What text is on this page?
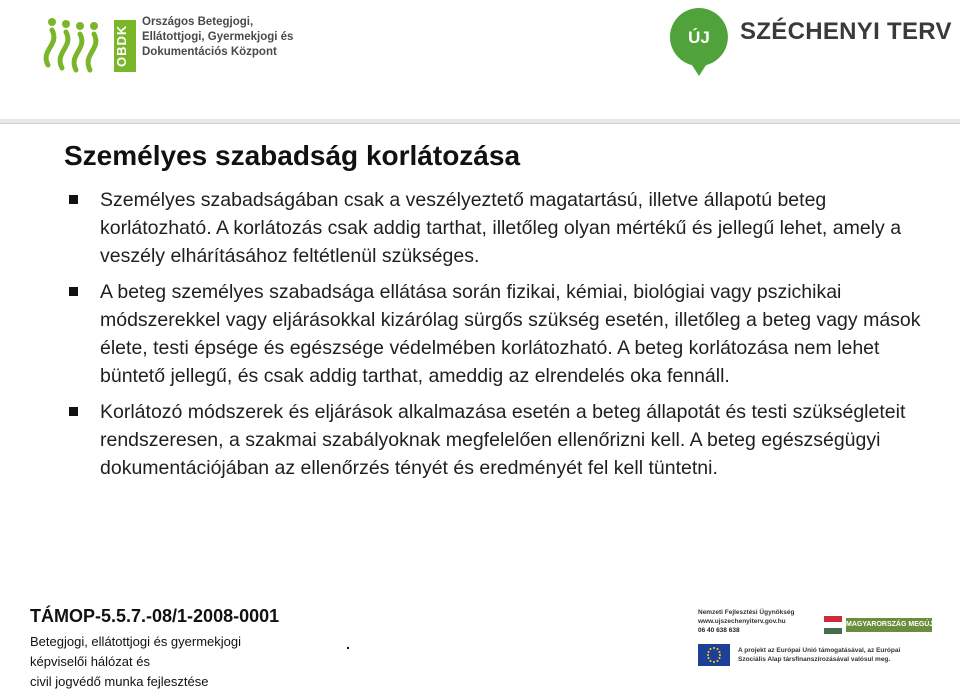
OBDK
Országos Betegjogi,
Ellátottjogi, Gyermekjogi és
Dokumentációs Központ
ÚJ	SZÉCHENYI TERV
Személyes szabadság korlátozása
Személyes szabadságában csak a veszélyeztető magatartású, illetve állapotú beteg korlátozható. A korlátozás csak addig tarthat, illetőleg olyan mértékű és jellegű lehet, amely a veszély elhárításához feltétlenül szükséges.
A beteg személyes szabadsága ellátása során fizikai, kémiai, biológiai vagy pszichikai módszerekkel vagy eljárásokkal kizárólag sürgős szükség esetén, illetőleg a beteg vagy mások élete, testi épsége és egészsége védelmében korlátozható. A beteg korlátozása nem lehet büntető jellegű, és csak addig tarthat, ameddig az elrendelés oka fennáll.
Korlátozó módszerek és eljárások alkalmazása esetén a beteg állapotát és testi szükségleteit rendszeresen, a szakmai szabályoknak megfelelően ellenőrizni kell. A beteg egészségügyi dokumentációjában az ellenőrzés tényét és eredményét fel kell tüntetni.
TÁMOP-5.5.7.-08/1-2008-0001
Betegjogi, ellátottjogi és gyermekjogi
képviselői hálózat és
civil jogvédő munka fejlesztése
.
Nemzeti Fejlesztési Ügynökség
www.ujszechenyiterv.gov.hu
06 40 638 638
MAGYARORSZÁG MEGÚJUL
A projekt az Európai Unió támogatásával, az Európai
Szociális Alap társfinanszírozásával valósul meg.
